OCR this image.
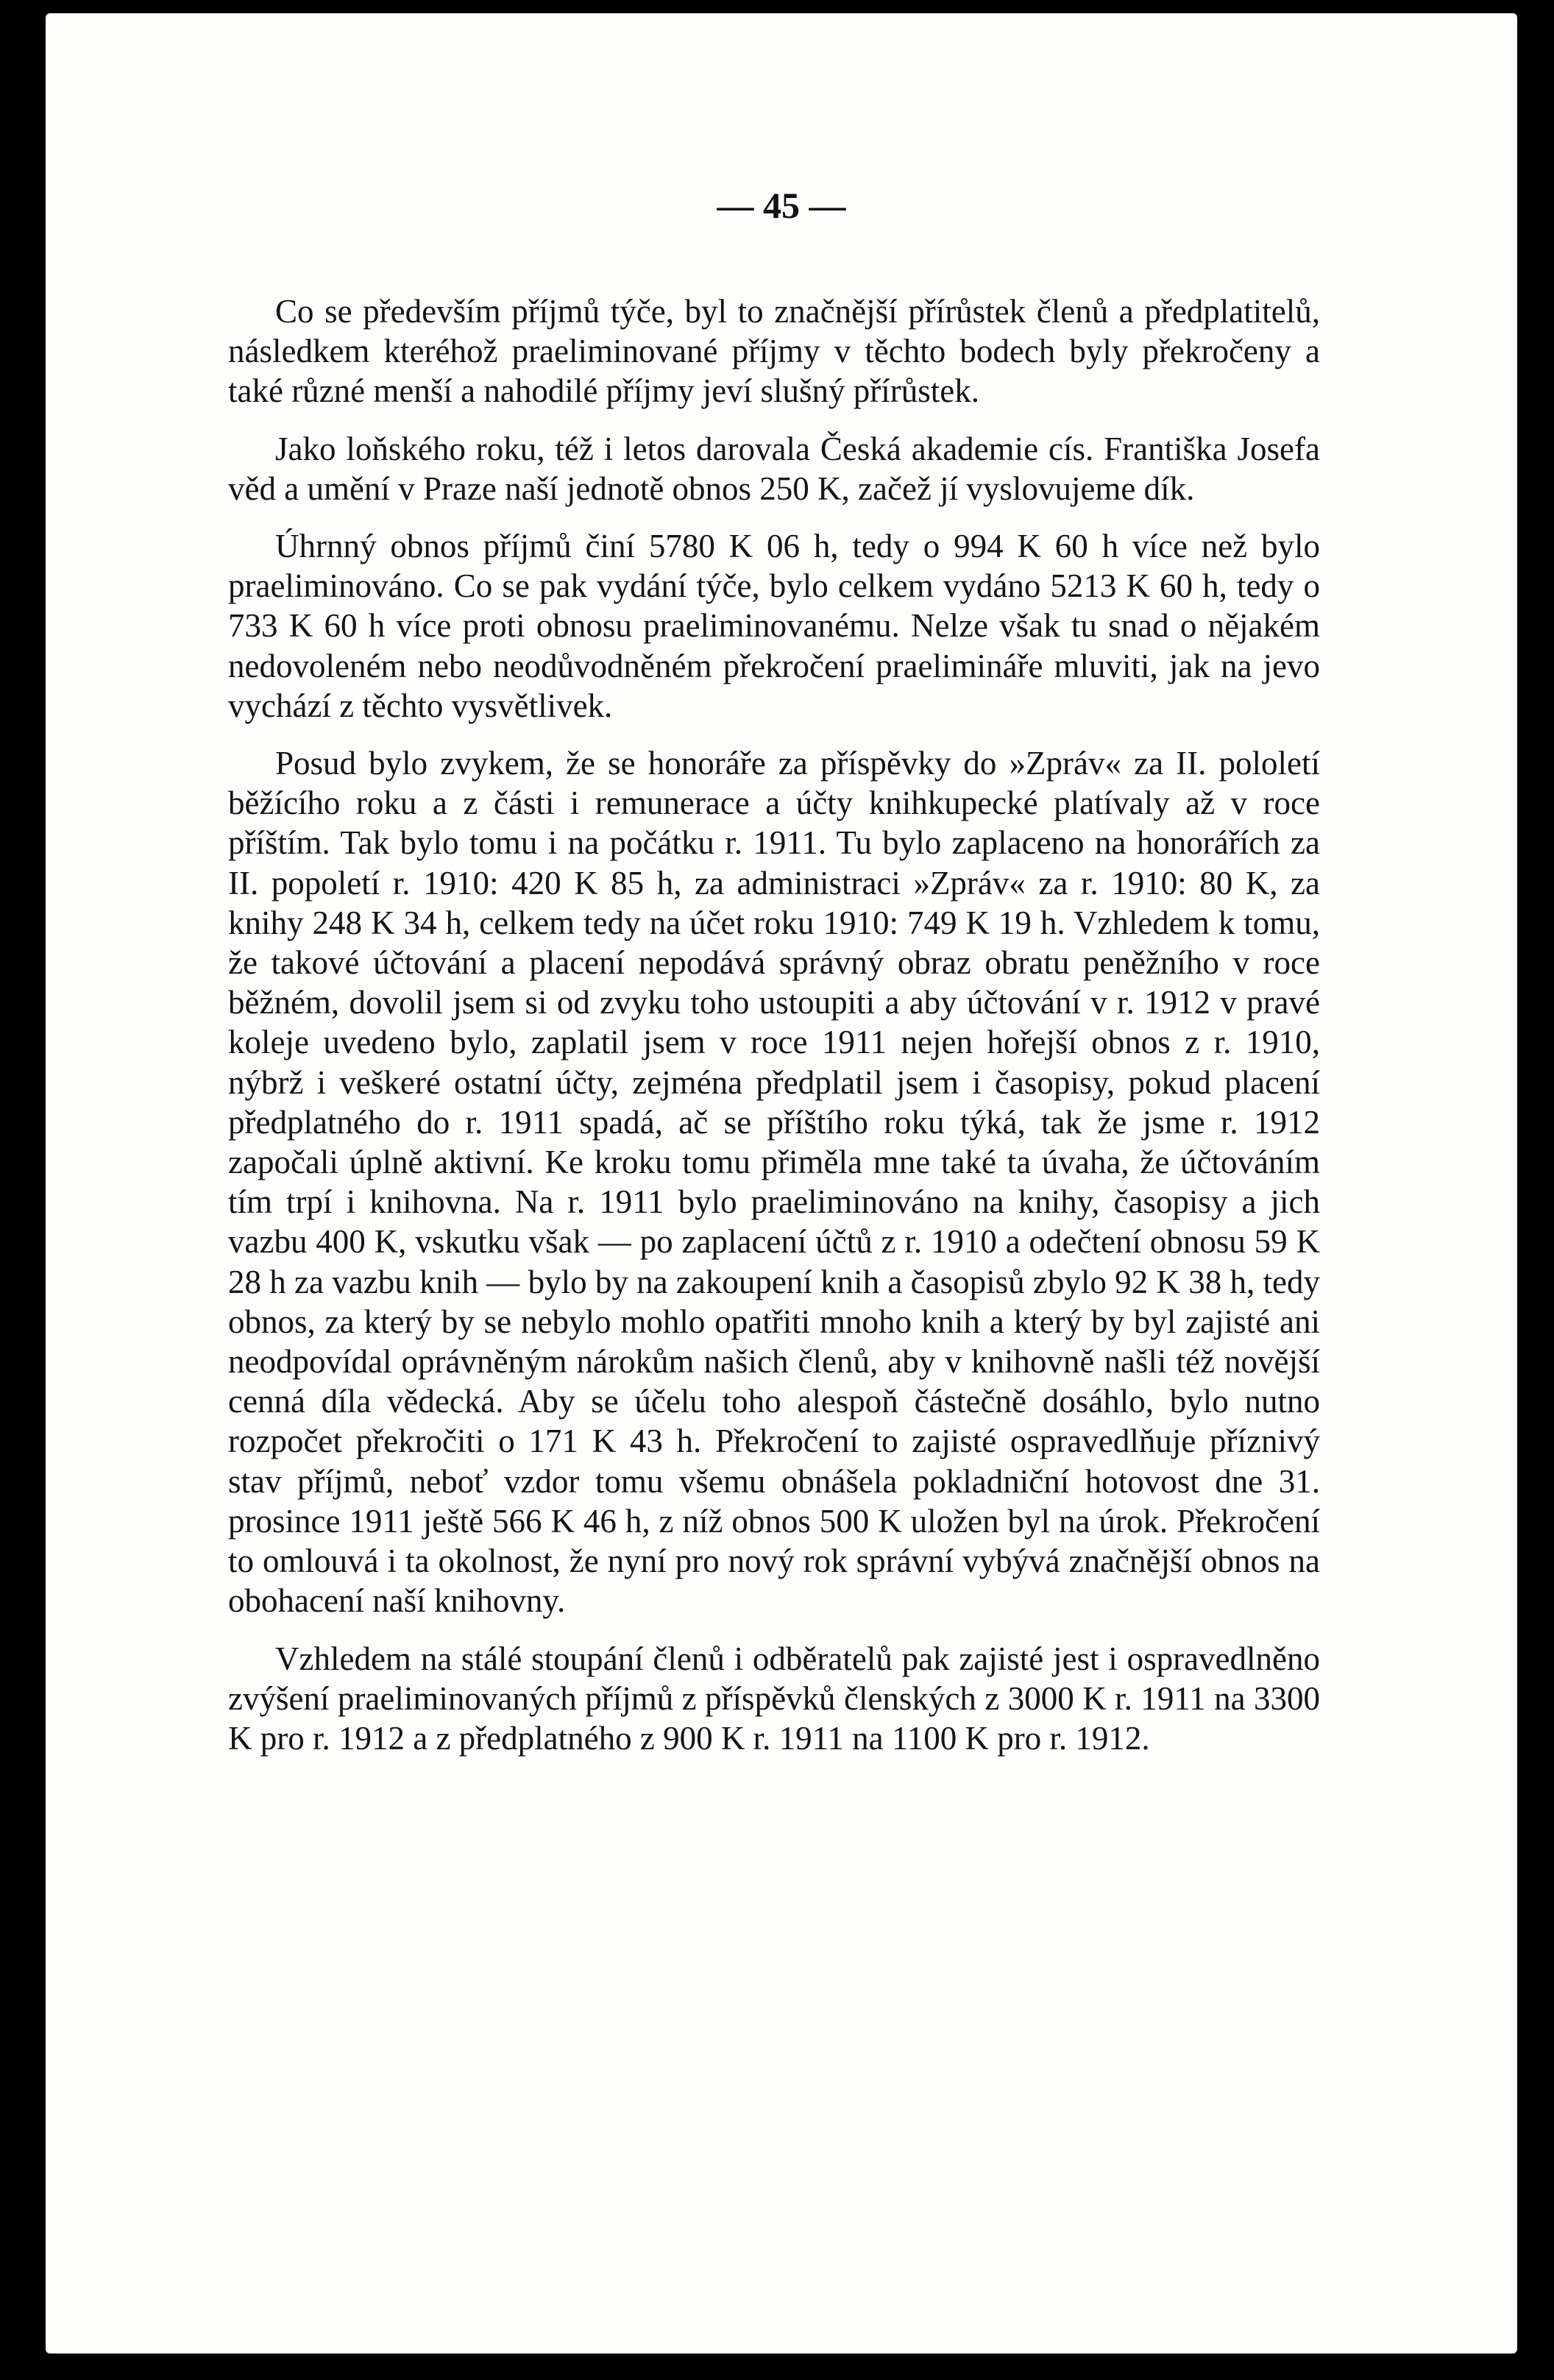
— 45 —

Co se především příjmů týče, byl to značnější přírůstek členů a předplatitelů, následkem kteréhož praeliminované příjmy v těchto bodech byly překročeny a také různé menší a nahodilé příjmy jeví slušný přírůstek.

Jako loňského roku, též i letos darovala Česká akademie cís. Františka Josefa věd a umění v Praze naší jednotě obnos 250 K, začež jí vyslovujeme dík.

Úhrnný obnos příjmů činí 5780 K 06 h, tedy o 994 K 60 h více než bylo praeliminováno. Co se pak vydání týče, bylo celkem vydáno 5213 K 60 h, tedy o 733 K 60 h více proti obnosu praeliminovanému. Nelze však tu snad o nějakém nedovoleném nebo neodůvodněném překročení praelimináře mluviti, jak na jevo vychází z těchto vysvětlivek.

Posud bylo zvykem, že se honoráře za příspěvky do »Zpráv« za II. pololetí běžícího roku a z části i remunerace a účty knihkupecké platívaly až v roce příštím. Tak bylo tomu i na počátku r. 1911. Tu bylo zaplaceno na honorářích za II. popoletí r. 1910: 420 K 85 h, za administraci »Zpráv« za r. 1910: 80 K, za knihy 248 K 34 h, celkem tedy na účet roku 1910: 749 K 19 h. Vzhledem k tomu, že takové účtování a placení nepodává správný obraz obratu peněžního v roce běžném, dovolil jsem si od zvyku toho ustoupiti a aby účtování v r. 1912 v pravé koleje uvedeno bylo, zaplatil jsem v roce 1911 nejen hořejší obnos z r. 1910, nýbrž i veškeré ostatní účty, zejména předplatil jsem i časopisy, pokud placení předplatného do r. 1911 spadá, ač se příštího roku týká, tak že jsme r. 1912 započali úplně aktivní. Ke kroku tomu přiměla mne také ta úvaha, že účtováním tím trpí i knihovna. Na r. 1911 bylo praeliminováno na knihy, časopisy a jich vazbu 400 K, vskutku však — po zaplacení účtů z r. 1910 a odečtení obnosu 59 K 28 h za vazbu knih — bylo by na zakoupení knih a časopisů zbylo 92 K 38 h, tedy obnos, za který by se nebylo mohlo opatřiti mnoho knih a který by byl zajisté ani neodpovídal oprávněným nárokům našich členů, aby v knihovně našli též novější cenná díla vědecká. Aby se účelu toho alespoň částečně dosáhlo, bylo nutno rozpočet překročiti o 171 K 43 h. Překročení to zajisté ospravedlňuje příznivý stav příjmů, neboť vzdor tomu všemu obnášela pokladniční hotovost dne 31. prosince 1911 ještě 566 K 46 h, z níž obnos 500 K uložen byl na úrok. Překročení to omlouvá i ta okolnost, že nyní pro nový rok správní vybývá značnější obnos na obohacení naší knihovny.

Vzhledem na stálé stoupání členů i odběratelů pak zajisté jest i ospravedlněno zvýšení praeliminovaných příjmů z příspěvků členských z 3000 K r. 1911 na 3300 K pro r. 1912 a z předplatného z 900 K r. 1911 na 1100 K pro r. 1912.
